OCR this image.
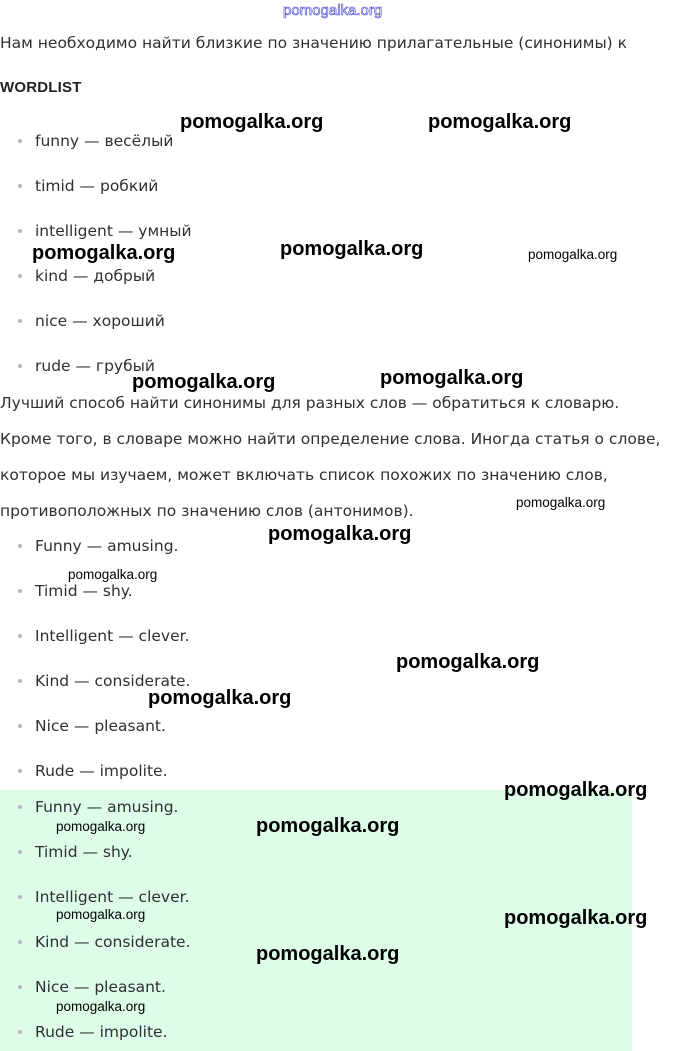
pomogalka.org

Нам необходимо найти близкие по значению прилагательные (синонимы) к

WORDLIST
funny — весёлый
timid — робкий
intelligent — умный
kind — добрый
nice — хороший
rude — грубый

Лучший способ найти синонимы для разных слов — обратиться к словарю.

Кроме того, в словаре можно найти определение слова. Иногда статья о слове,

которое мы изучаем, может включать список похожих по значению слов,

противоположных по значению слов (антонимов).

Funny — amusing.
Timid — shy.
Intelligent — clever.
Kind — considerate.
Nice — pleasant.
Rude — impolite.
Funny — amusing.
Timid — shy.
Intelligent — clever.
Kind — considerate.
Nice — pleasant.
Rude — impolite.
pomogalka.org	pomogalka.org
pomogalka.org	pomogalka.org	pomogalka.org
pomogalka.org	pomogalka.org
pomogalka.org
pomogalka.org
pomogalka.org
pomogalka.org
pomogalka.org
pomogalka.org
pomogalka.org	pomogalka.org
pomogalka.org	pomogalka.org
pomogalka.org
pomogalka.org
